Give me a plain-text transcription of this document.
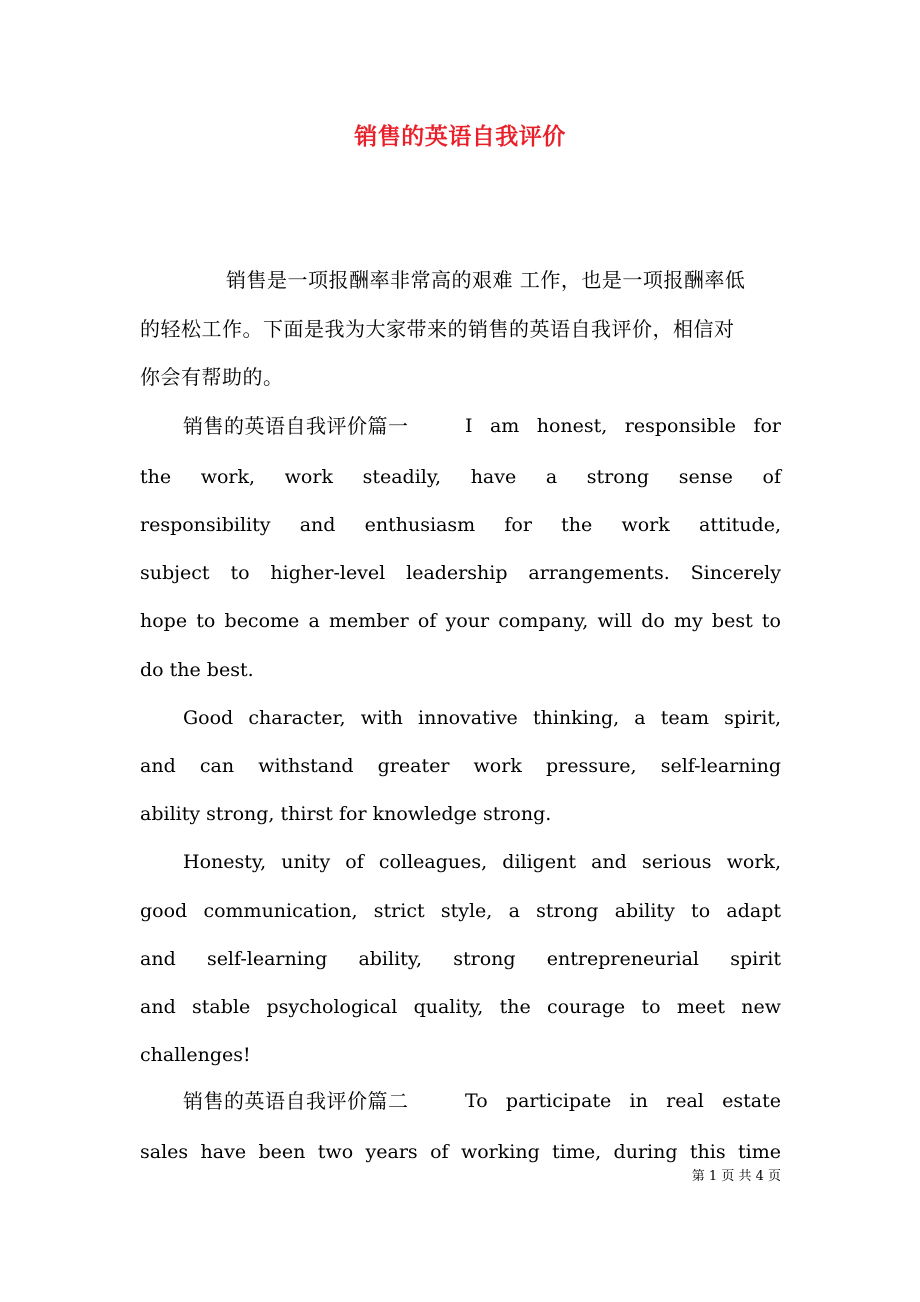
销售的英语自我评价
销售是一项报酬率非常高的艰难 工作，也是一项报酬率低
的轻松工作。下面是我为大家带来的销售的英语自我评价，相信对
你会有帮助的。
销售的英语自我评价篇一	I am honest, responsible for
the work, work steadily, have a strong sense of
responsibility and enthusiasm for the work attitude,
subject to higher-level leadership arrangements. Sincerely
hope to become a member of your company, will do my best to
do the best.
Good character, with innovative thinking, a team spirit,
and can withstand greater work pressure, self-learning
ability strong, thirst for knowledge strong.
Honesty, unity of colleagues, diligent and serious work,
good communication, strict style, a strong ability to adapt
and self-learning ability, strong entrepreneurial spirit
and stable psychological quality, the courage to meet new
challenges!
销售的英语自我评价篇二	To participate in real estate
sales have been two years of working time, during this time
第 1 页 共 4 页
